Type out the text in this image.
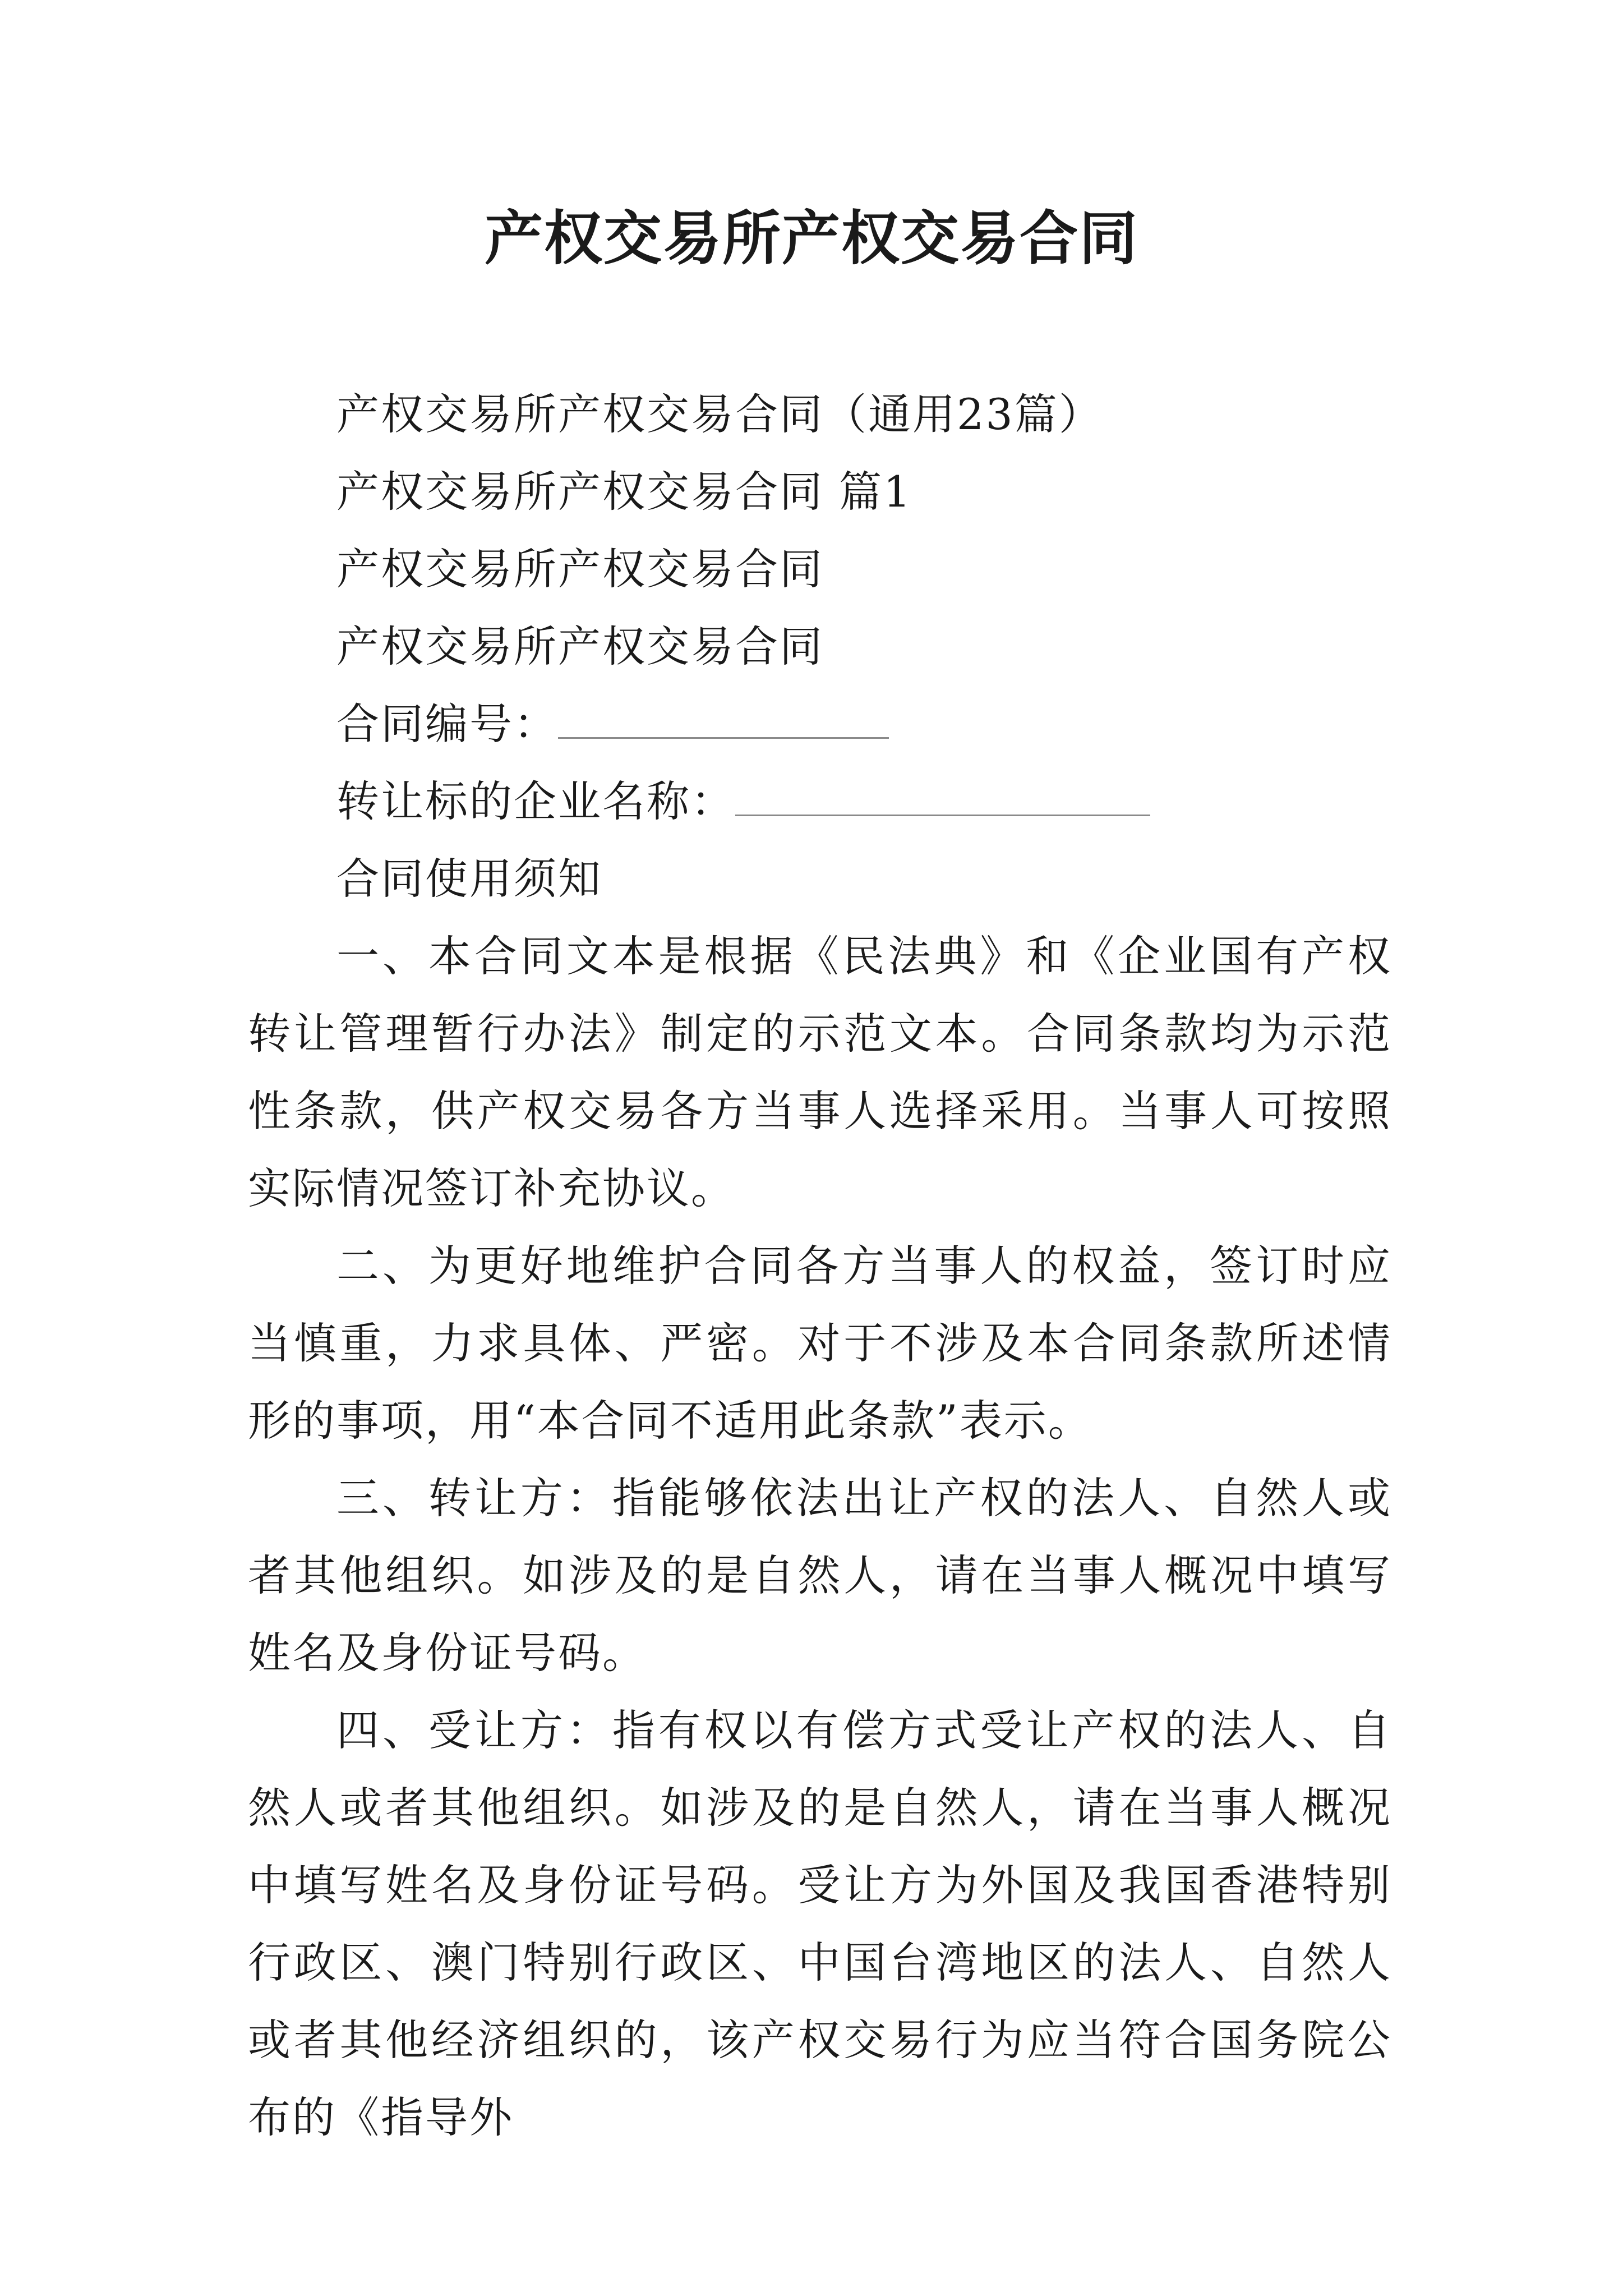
产权交易所产权交易合同
产权交易所产权交易合同（通用23篇）
产权交易所产权交易合同 篇1
产权交易所产权交易合同
产权交易所产权交易合同
合同编号：
转让标的企业名称：
合同使用须知
一、本合同文本是根据《民法典》和《企业国有产权转让管理暂行办法》制定的示范文本。合同条款均为示范性条款，供产权交易各方当事人选择采用。当事人可按照实际情况签订补充协议。
二、为更好地维护合同各方当事人的权益，签订时应当慎重，力求具体、严密。对于不涉及本合同条款所述情形的事项，用“本合同不适用此条款”表示。
三、转让方：指能够依法出让产权的法人、自然人或者其他组织。如涉及的是自然人，请在当事人概况中填写姓名及身份证号码。
四、受让方：指有权以有偿方式受让产权的法人、自然人或者其他组织。如涉及的是自然人，请在当事人概况中填写姓名及身份证号码。受让方为外国及我国香港特别行政区、澳门特别行政区、中国台湾地区的法人、自然人或者其他经济组织的，该产权交易行为应当符合国务院公布的《指导外
